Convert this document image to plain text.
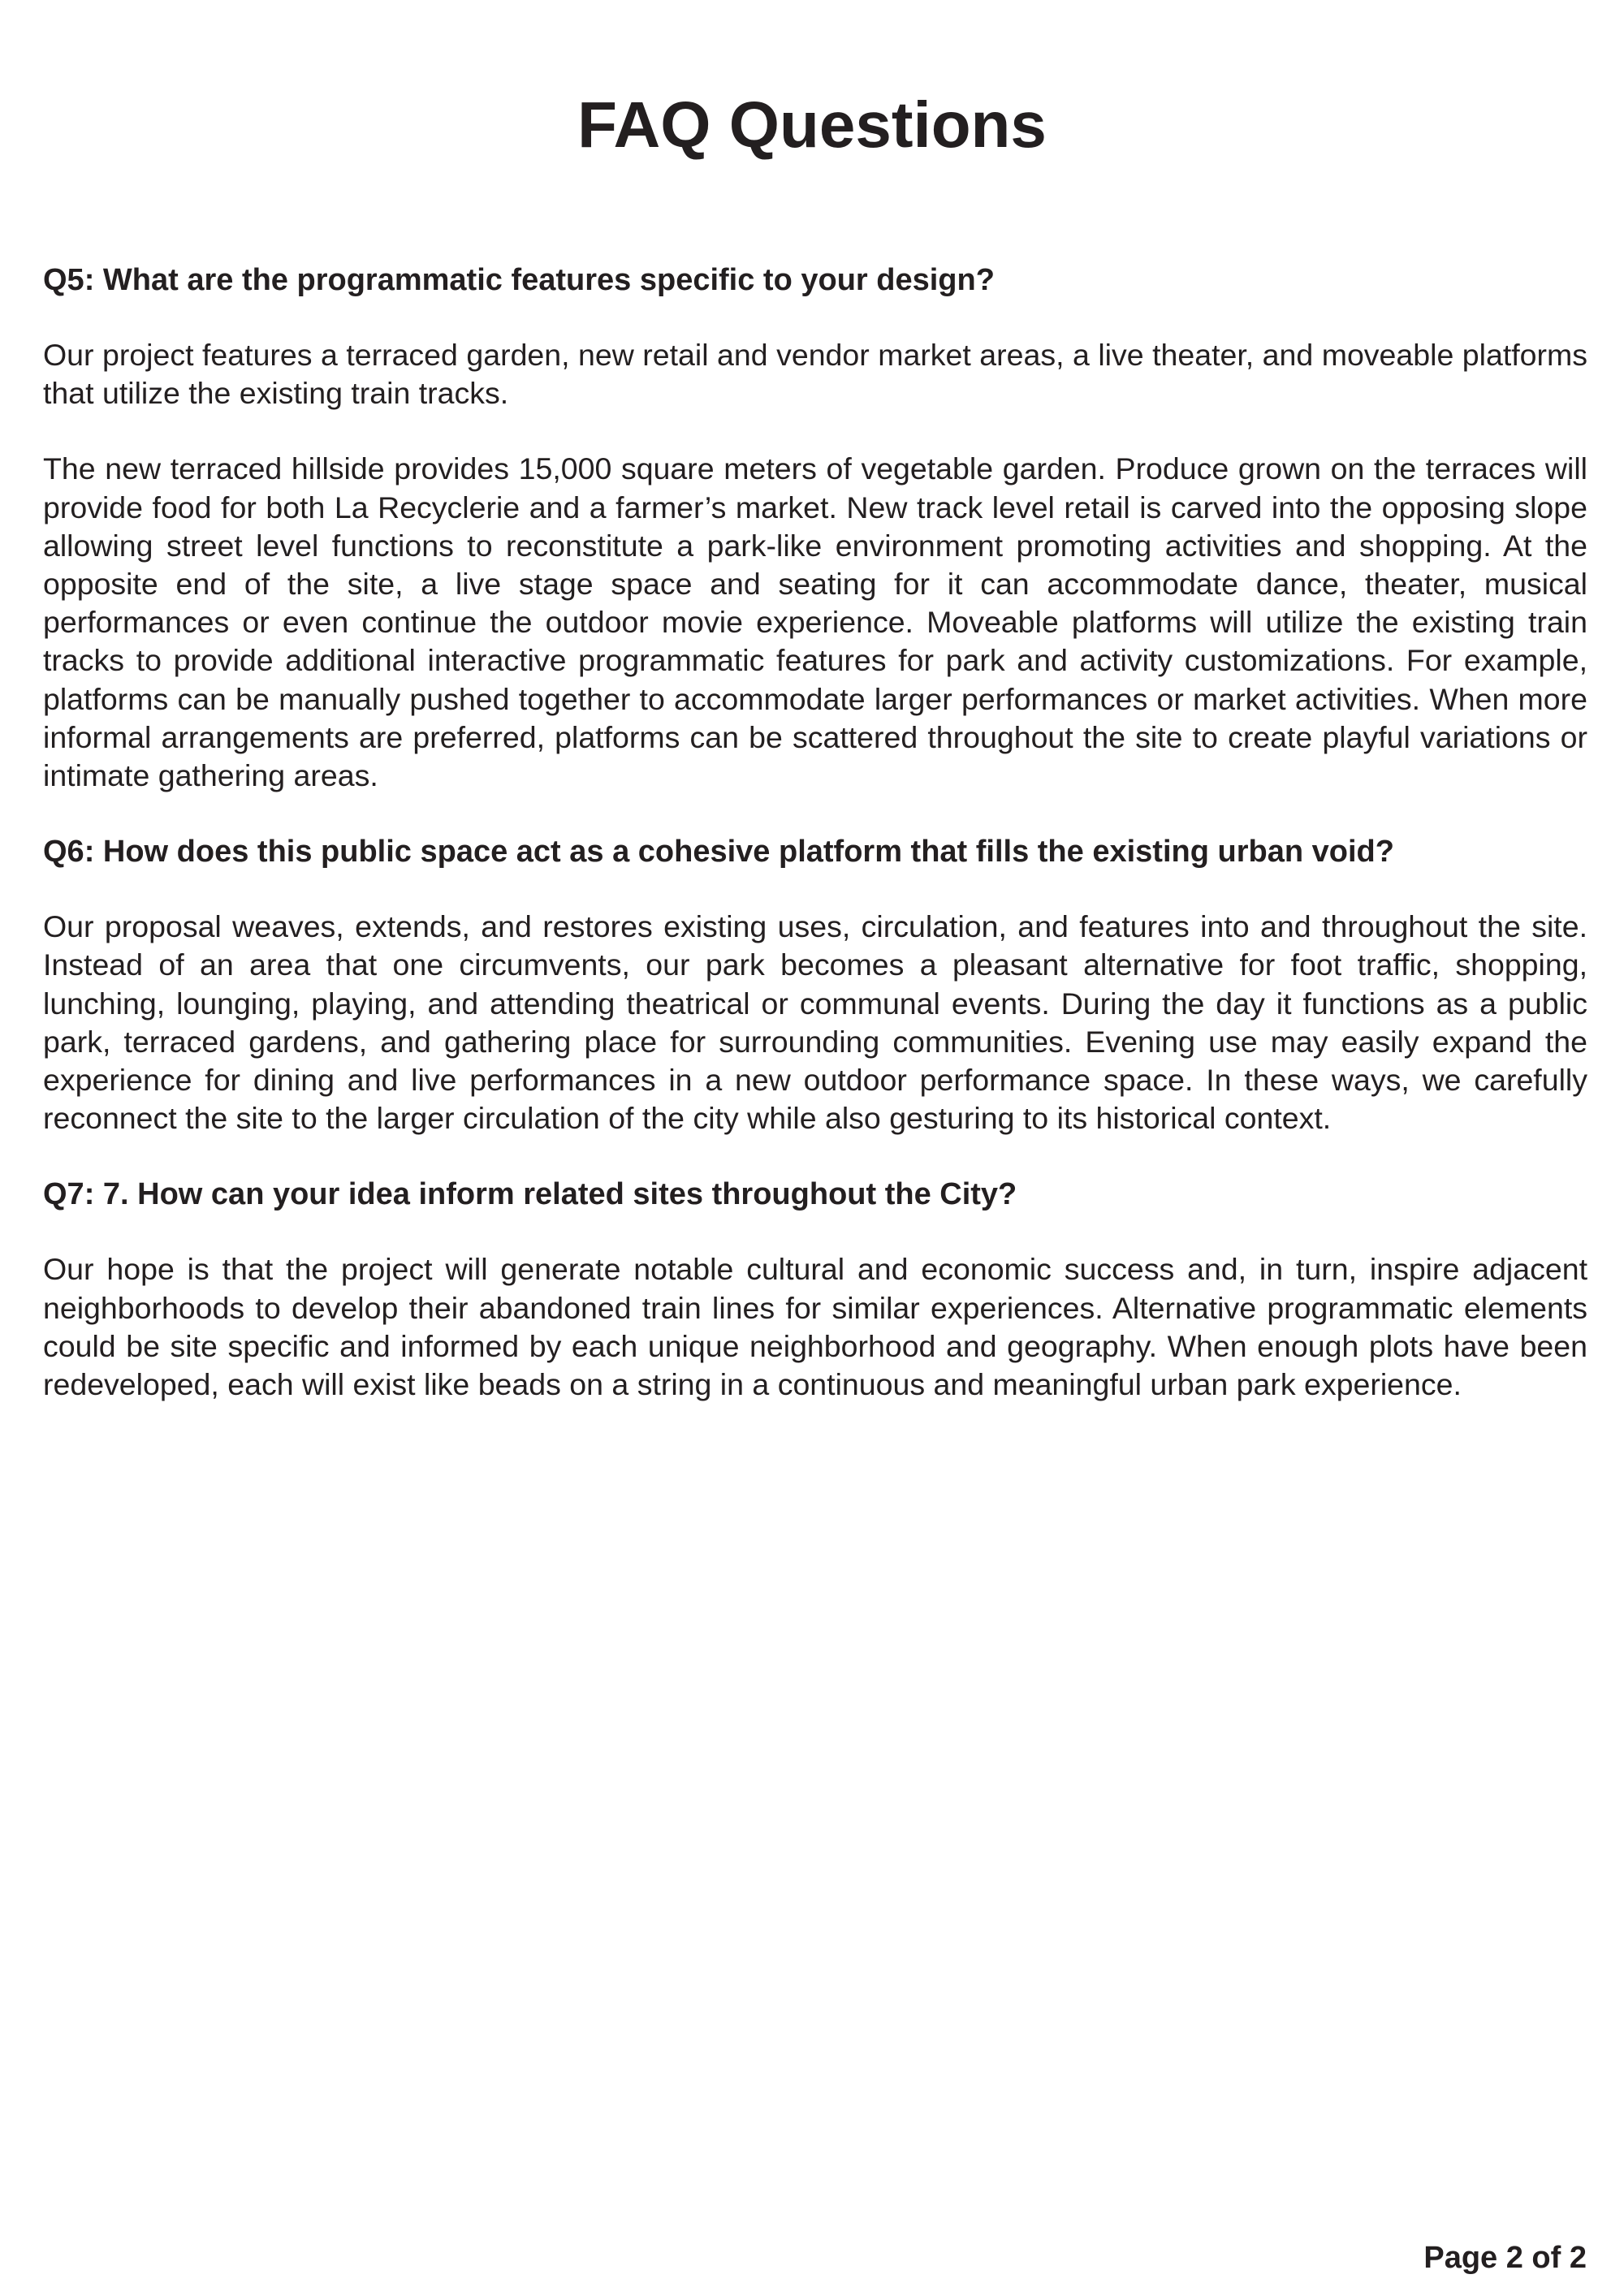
FAQ Questions

Q5: What are the programmatic features specific to your design?

Our project features a terraced garden, new retail and vendor market areas, a live theater, and moveable platforms that utilize the existing train tracks.

The new terraced hillside provides 15,000 square meters of vegetable garden. Produce grown on the terraces will provide food for both La Recyclerie and a farmer’s market. New track level retail is carved into the opposing slope allowing street level functions to reconstitute a park-like environment promoting activities and shopping. At the opposite end of the site, a live stage space and seating for it can accommodate dance, theater, musical performances or even continue the outdoor movie experience. Moveable platforms will utilize the existing train tracks to provide additional interactive programmatic features for park and activity customizations. For example, platforms can be manually pushed together to accommodate larger performances or market activities. When more informal arrangements are preferred, platforms can be scattered throughout the site to create playful variations or intimate gathering areas.

Q6: How does this public space act as a cohesive platform that fills the existing urban void?

Our proposal weaves, extends, and restores existing uses, circulation, and features into and throughout the site. Instead of an area that one circumvents, our park becomes a pleasant alternative for foot traffic, shopping, lunching, lounging, playing, and attending theatrical or communal events. During the day it functions as a public park, terraced gardens, and gathering place for surrounding communities. Evening use may easily expand the experience for dining and live performances in a new outdoor performance space. In these ways, we carefully reconnect the site to the larger circulation of the city while also gesturing to its historical context.

Q7: 7. How can your idea inform related sites throughout the City?

Our hope is that the project will generate notable cultural and economic success and, in turn, inspire adjacent neighborhoods to develop their abandoned train lines for similar experiences. Alternative programmatic elements could be site specific and informed by each unique neighborhood and geography. When enough plots have been redeveloped, each will exist like beads on a string in a continuous and meaningful urban park experience.

Page 2 of 2
